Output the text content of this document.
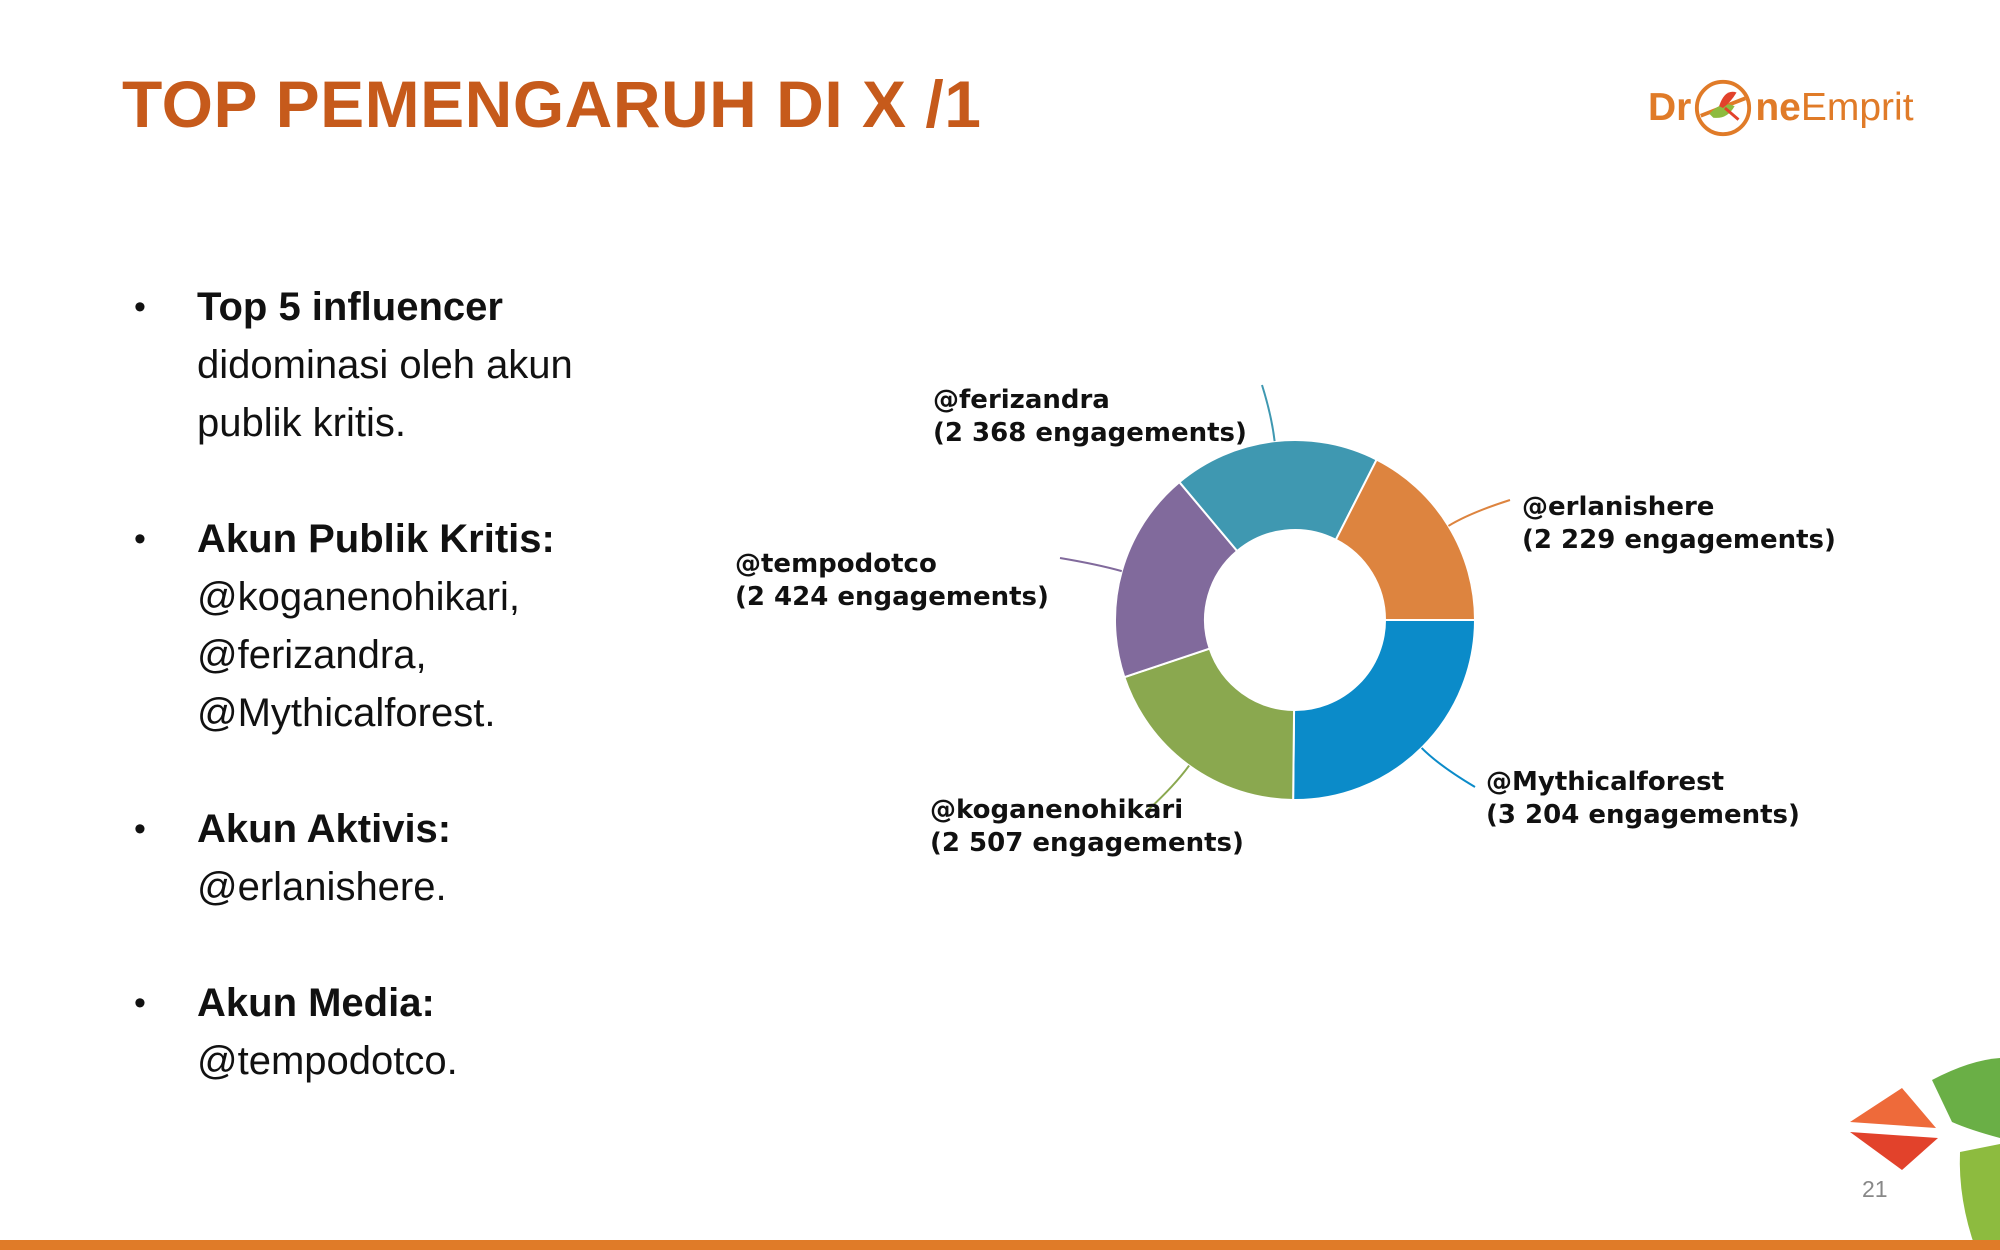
TOP PEMENGARUH DI X /1	Dr ne Emprit
• Top 5 influencer
didominasi oleh akun
publik kritis.
• Akun Publik Kritis:
@koganenohikari,
@ferizandra,
@Mythicalforest.
• Akun Aktivis:
@erlanishere.
• Akun Media:
@tempodotco.
@Mythicalforest
(3 204 engagements)
@koganenohikari
(2 507 engagements)
@tempodotco
(2 424 engagements)
@ferizandra
(2 368 engagements)
@erlanishere
(2 229 engagements)
21
